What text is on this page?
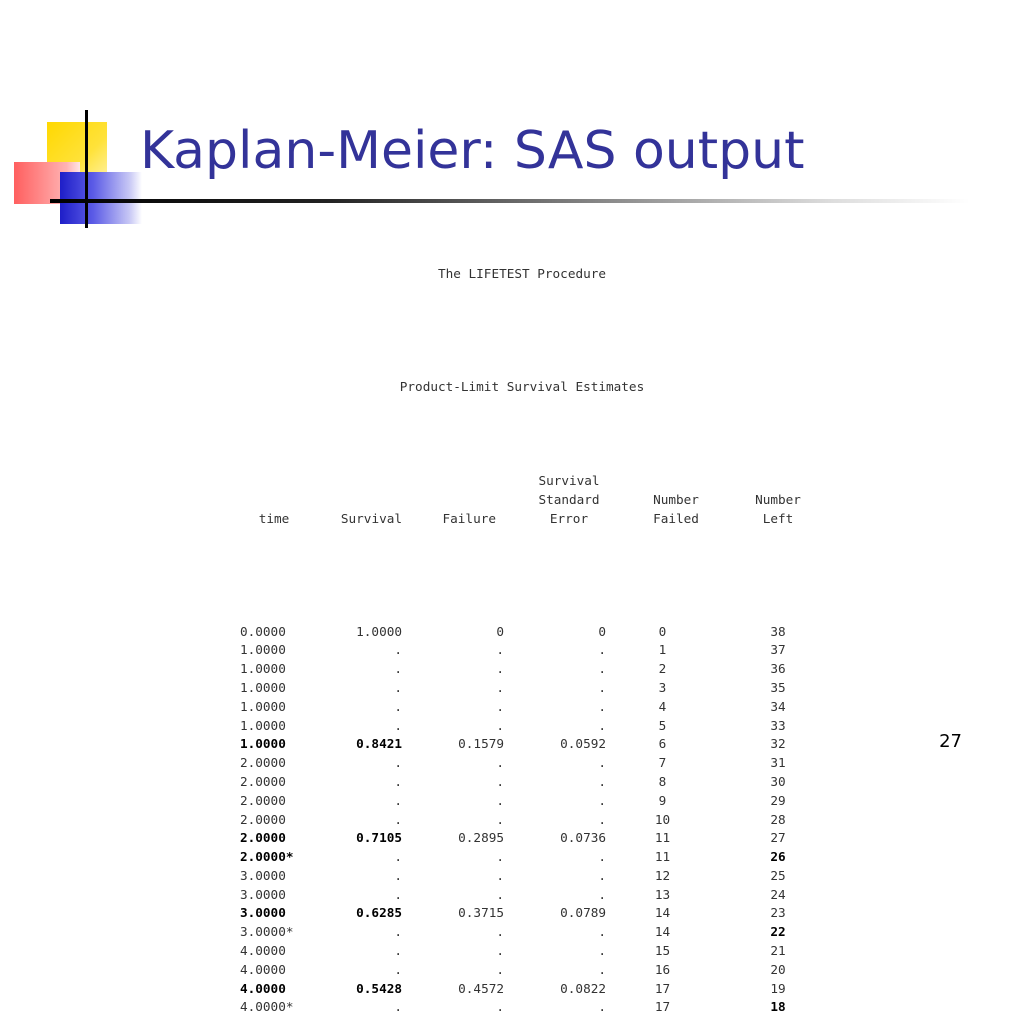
Kaplan-Meier: SAS output

The LIFETEST Procedure

Product-Limit Survival Estimates

Survival
Standard	Number	Number
time	Survival	Failure	Error	Failed	Left

0.0000	1.0000	0	0	0	38
1.0000	.	.	.	1	37
1.0000	.	.	.	2	36
1.0000	.	.	.	3	35
1.0000	.	.	.	4	34
1.0000	.	.	.	5	33
1.0000	0.8421	0.1579	0.0592	6	32
2.0000	.	.	.	7	31
2.0000	.	.	.	8	30
2.0000	.	.	.	9	29
2.0000	.	.	.	10	28
2.0000	0.7105	0.2895	0.0736	11	27
2.0000*	.	.	.	11	26
3.0000	.	.	.	12	25
3.0000	.	.	.	13	24
3.0000	0.6285	0.3715	0.0789	14	23
3.0000*	.	.	.	14	22
4.0000	.	.	.	15	21
4.0000	.	.	.	16	20
4.0000	0.5428	0.4572	0.0822	17	19
4.0000*	.	.	.	17	18

27
